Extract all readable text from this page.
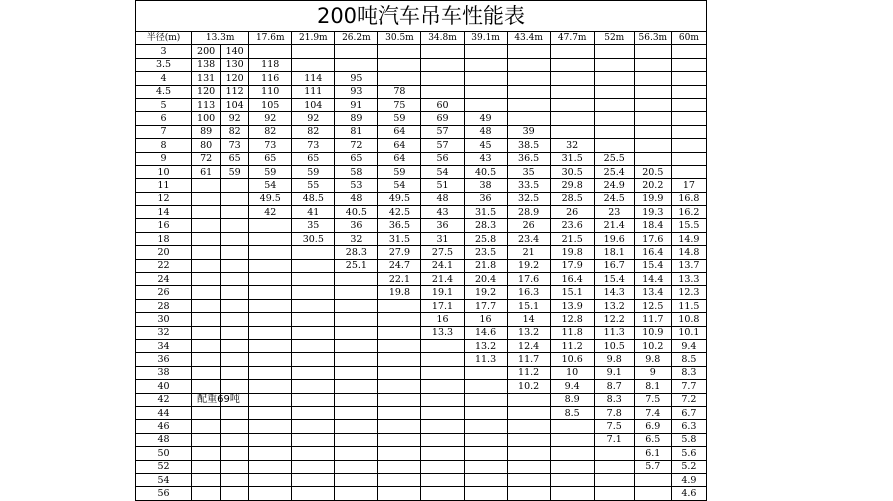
200吨汽车吊车性能表
半径(m)	13.3m		17.6m	21.9m	26.2m	30.5m	34.8m	39.1m	43.4m	47.7m	52m	56.3m	60m
3	200	140											
3.5	138	130	118										
4	131	120	116	114	95								
4.5	120	112	110	111	93	78							
5	113	104	105	104	91	75	60						
6	100	92	92	92	89	59	69	49					
7	89	82	82	82	81	64	57	48	39				
8	80	73	73	73	72	64	57	45	38.5	32			
9	72	65	65	65	65	64	56	43	36.5	31.5	25.5		
10	61	59	59	59	58	59	54	40.5	35	30.5	25.4	20.5	
11			54	55	53	54	51	38	33.5	29.8	24.9	20.2	17
12			49.5	48.5	48	49.5	48	36	32.5	28.5	24.5	19.9	16.8
14			42	41	40.5	42.5	43	31.5	28.9	26	23	19.3	16.2
16				35	36	36.5	36	28.3	26	23.6	21.4	18.4	15.5
18				30.5	32	31.5	31	25.8	23.4	21.5	19.6	17.6	14.9
20					28.3	27.9	27.5	23.5	21	19.8	18.1	16.4	14.8
22					25.1	24.7	24.1	21.8	19.2	17.9	16.7	15.4	13.7
24						22.1	21.4	20.4	17.6	16.4	15.4	14.4	13.3
26						19.8	19.1	19.2	16.3	15.1	14.3	13.4	12.3
28							17.1	17.7	15.1	13.9	13.2	12.5	11.5
30							16	16	14	12.8	12.2	11.7	10.8
32							13.3	14.6	13.2	11.8	11.3	10.9	10.1
34								13.2	12.4	11.2	10.5	10.2	9.4
36								11.3	11.7	10.6	9.8	9.8	8.5
38									11.2	10	9.1	9	8.3
40									10.2	9.4	8.7	8.1	7.7
42	配重69吨									8.9	8.3	7.5	7.2
44										8.5	7.8	7.4	6.7
46											7.5	6.9	6.3
48											7.1	6.5	5.8
50												6.1	5.6
52												5.7	5.2
54													4.9
56													4.6
